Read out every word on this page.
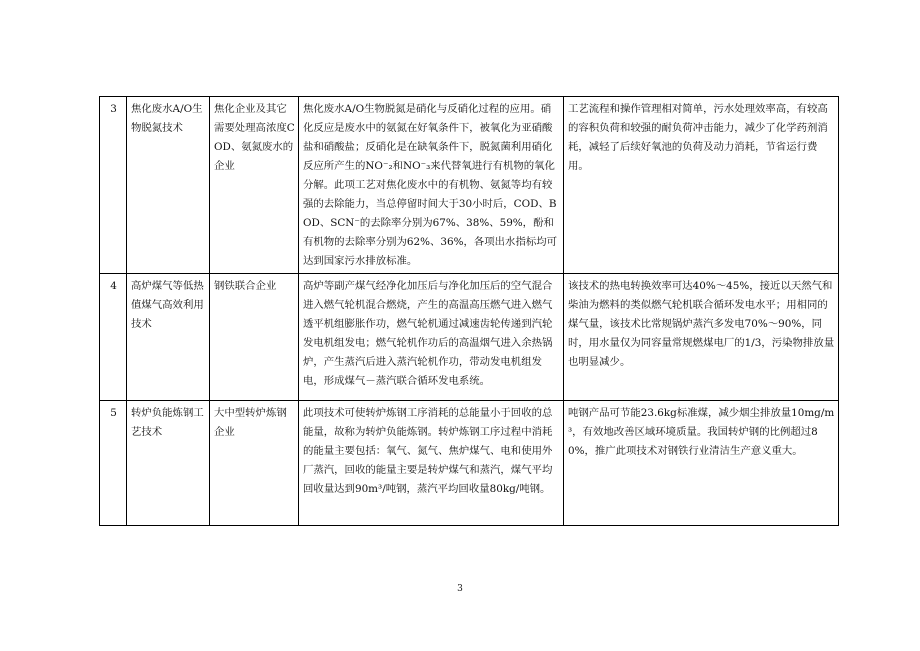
3	焦化废水A/O生物脱氮技术	焦化企业及其它需要处理高浓度COD、氨氮废水的企业	焦化废水A/O生物脱氮是硝化与反硝化过程的应用。硝化反应是废水中的氨氮在好氧条件下，被氧化为亚硝酸盐和硝酸盐；反硝化是在缺氧条件下，脱氮菌利用硝化反应所产生的NO⁻₂和NO⁻₃来代替氧进行有机物的氧化分解。此项工艺对焦化废水中的有机物、氨氮等均有较强的去除能力，当总停留时间大于30小时后，COD、BOD、SCN⁻的去除率分别为67%、38%、59%，酚和有机物的去除率分别为62%、36%，各项出水指标均可达到国家污水排放标准。	工艺流程和操作管理相对简单，污水处理效率高，有较高的容积负荷和较强的耐负荷冲击能力，减少了化学药剂消耗，减轻了后续好氧池的负荷及动力消耗，节省运行费用。
4	高炉煤气等低热值煤气高效利用技术	钢铁联合企业	高炉等副产煤气经净化加压后与净化加压后的空气混合进入燃气轮机混合燃烧，产生的高温高压燃气进入燃气透平机组膨胀作功，燃气轮机通过减速齿轮传递到汽轮发电机组发电；燃气轮机作功后的高温烟气进入余热锅炉，产生蒸汽后进入蒸汽轮机作功，带动发电机组发电，形成煤气－蒸汽联合循环发电系统。	该技术的热电转换效率可达40%～45%，接近以天然气和柴油为燃料的类似燃气轮机联合循环发电水平；用相同的煤气量，该技术比常规锅炉蒸汽多发电70%～90%，同时，用水量仅为同容量常规燃煤电厂的1/3，污染物排放量也明显减少。
5	转炉负能炼钢工艺技术	大中型转炉炼钢企业	此项技术可使转炉炼钢工序消耗的总能量小于回收的总能量，故称为转炉负能炼钢。转炉炼钢工序过程中消耗的能量主要包括：氧气、氮气、焦炉煤气、电和使用外厂蒸汽，回收的能量主要是转炉煤气和蒸汽，煤气平均回收量达到90m³/吨钢，蒸汽平均回收量80kg/吨钢。	吨钢产品可节能23.6kg标准煤，减少烟尘排放量10mg/m³，有效地改善区域环境质量。我国转炉钢的比例超过80%，推广此项技术对钢铁行业清洁生产意义重大。
3
